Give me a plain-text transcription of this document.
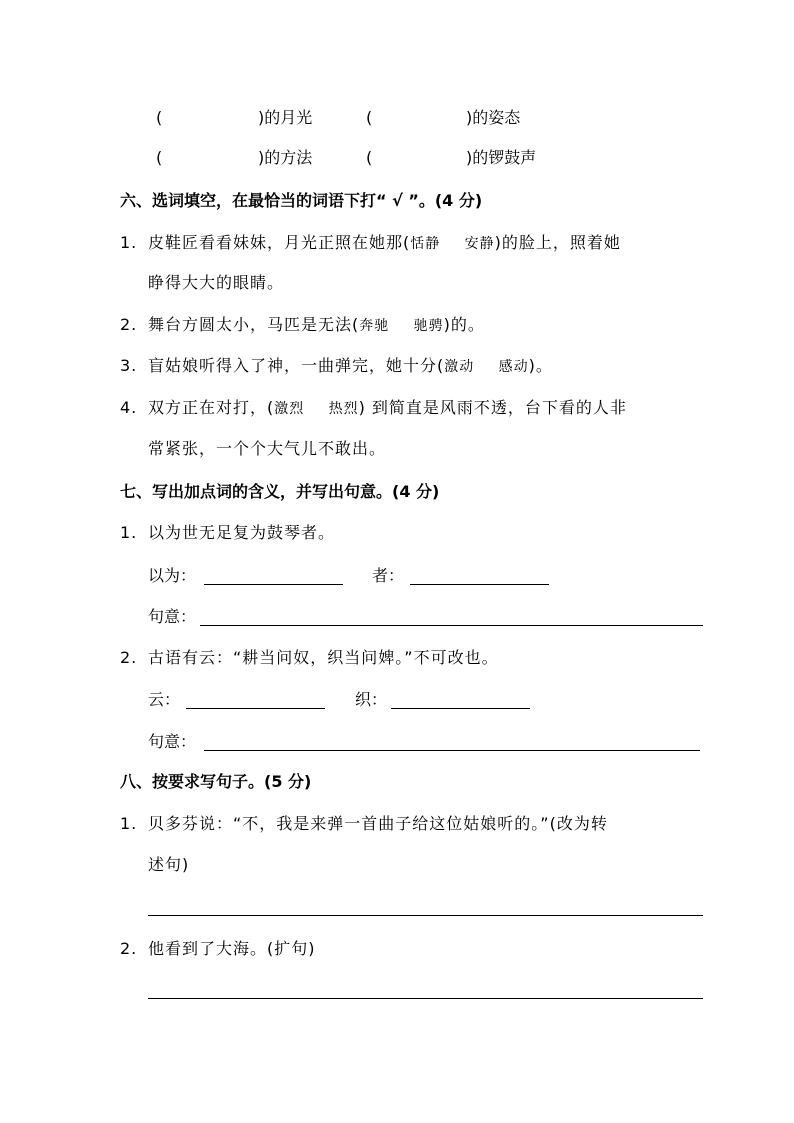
(	)的月光	(	)的姿态
(	)的方法	(	)的锣鼓声
六、选词填空，在最恰当的词语下打“ √ ”。(4 分)
1. 皮鞋匠看看妹妹，月光正照在她那(恬静 安静)的脸上，照着她
睁得大大的眼睛。
2. 舞台方圆太小，马匹是无法(奔驰 驰骋)的。
3. 盲姑娘听得入了神，一曲弹完，她十分(激动 感动)。
4. 双方正在对打，(激烈 热烈) 到简直是风雨不透，台下看的人非
常紧张，一个个大气儿不敢出。
七、写出加点词的含义，并写出句意。(4 分)
1. 以为世无足复为鼓琴者。
以为：	者：
句意：
2. 古语有云：“耕当问奴，织当问婢。”不可改也。
云：	织：
句意：
八、按要求写句子。(5 分)
1. 贝多芬说：“不，我是来弹一首曲子给这位姑娘听的。”(改为转
述句)
2. 他看到了大海。(扩句)
